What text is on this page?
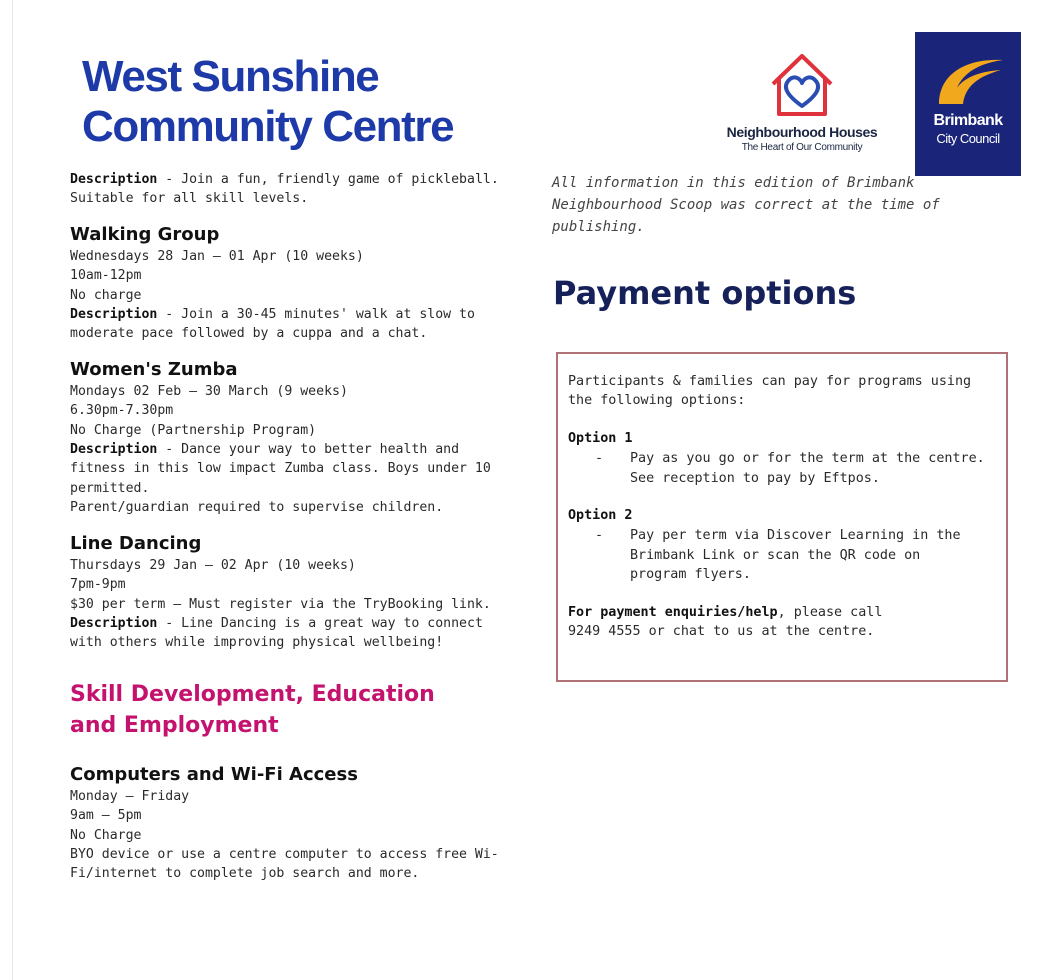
West Sunshine
Community Centre	Neighbourhood Houses
The Heart of Our Community
Brimbank
City Council

Description - Join a fun, friendly game of pickleball.
Suitable for all skill levels.

Walking Group

Wednesdays 28 Jan – 01 Apr (10 weeks)
10am-12pm
No charge
Description - Join a 30-45 minutes' walk at slow to
moderate pace followed by a cuppa and a chat.

Women's Zumba

Mondays 02 Feb – 30 March (9 weeks)
6.30pm-7.30pm
No Charge (Partnership Program)
Description - Dance your way to better health and
fitness in this low impact Zumba class. Boys under 10
permitted.
Parent/guardian required to supervise children.

Line Dancing

Thursdays 29 Jan – 02 Apr (10 weeks)
7pm-9pm
$30 per term – Must register via the TryBooking link.
Description - Line Dancing is a great way to connect
with others while improving physical wellbeing!

Skill Development, Education
and Employment
Computers and Wi-Fi Access

Monday – Friday
9am – 5pm
No Charge
BYO device or use a centre computer to access free Wi-
Fi/internet to complete job search and more.

All information in this edition of Brimbank
Neighbourhood Scoop was correct at the time of
publishing.

Payment options

Participants & families can pay for programs using
the following options:

Option 1
-	Pay as you go or for the term at the centre.
See reception to pay by Eftpos.
Option 2
-	Pay per term via Discover Learning in the
Brimbank Link or scan the QR code on
program flyers.

For payment enquiries/help, please call
9249 4555 or chat to us at the centre.
